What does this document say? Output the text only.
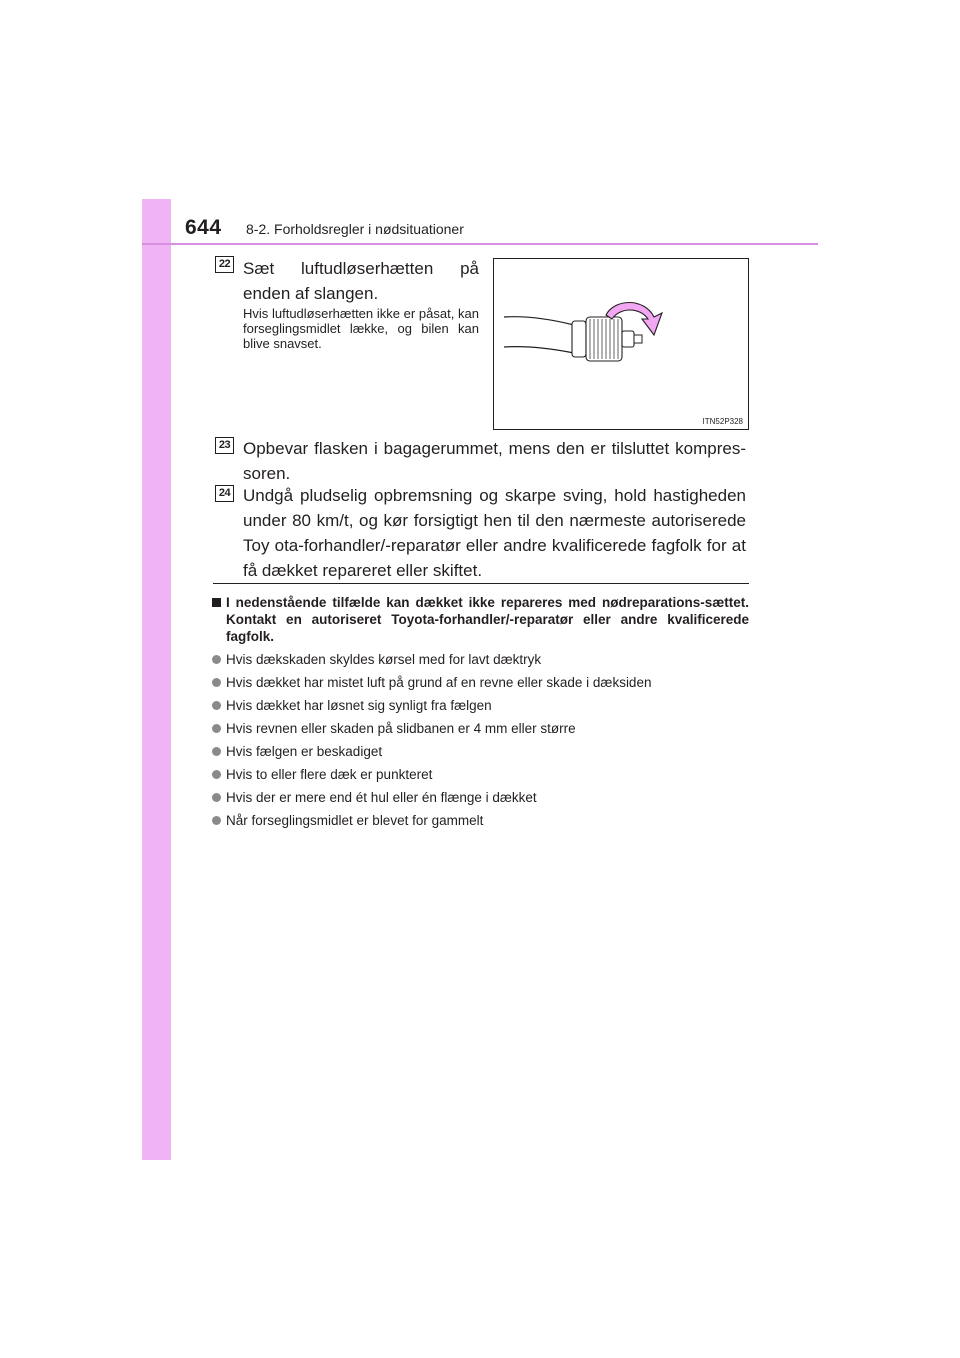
644 8-2. Forholdsregler i nødsituationer
22 Sæt luftudløserhætten på enden af slangen.
Hvis luftudløserhætten ikke er påsat, kan forseglingsmidlet lække, og bilen kan blive snavset.
ITN52P328
23 Opbevar flasken i bagagerummet, mens den er tilsluttet kompres-soren.
24 Undgå pludselig opbremsning og skarpe sving, hold hastigheden under 80 km/t, og kør forsigtigt hen til den nærmeste autoriserede Toy ota-forhandler/-reparatør eller andre kvalificerede fagfolk for at få dækket repareret eller skiftet.
I nedenstående tilfælde kan dækket ikke repareres med nødreparations-sættet. Kontakt en autoriseret Toyota-forhandler/-reparatør eller andre kvalificerede fagfolk.
Hvis dækskaden skyldes kørsel med for lavt dæktryk
Hvis dækket har mistet luft på grund af en revne eller skade i dæksiden
Hvis dækket har løsnet sig synligt fra fælgen
Hvis revnen eller skaden på slidbanen er 4 mm eller større
Hvis fælgen er beskadiget
Hvis to eller flere dæk er punkteret
Hvis der er mere end ét hul eller én flænge i dækket
Når forseglingsmidlet er blevet for gammelt
